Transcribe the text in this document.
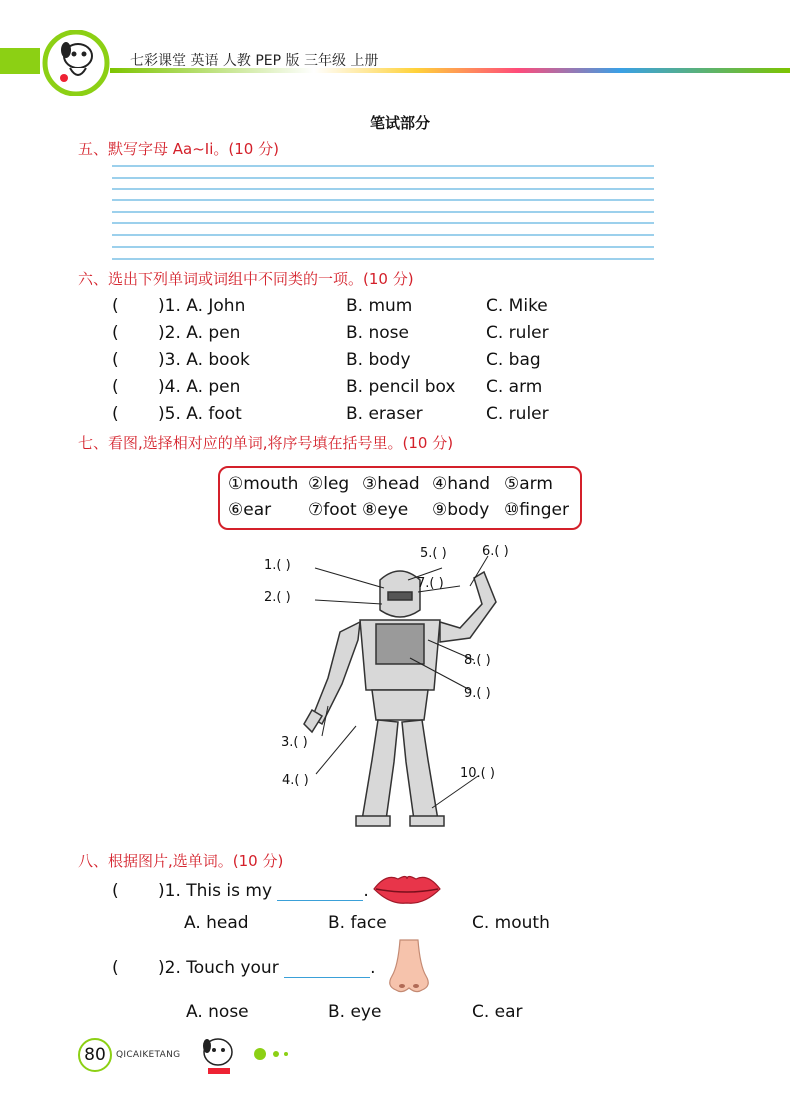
七彩课堂 英语 人教 PEP 版 三年级 上册
笔试部分
五、默写字母 Aa~Ii。(10 分)
六、选出下列单词或词组中不同类的一项。(10 分)
( )1. A. John	B. mum	C. Mike
( )2. A. pen	B. nose	C. ruler
( )3. A. book	B. body	C. bag
( )4. A. pen	B. pencil box C. arm
( )5. A. foot	B. eraser	C. ruler
七、看图,选择相对应的单词,将序号填在括号里。(10 分)
①mouth ②leg ③head ④hand ⑤arm
⑥ear ⑦foot ⑧eye ⑨body ⑩finger
1.( )
2.( )
3.( )
4.( )
5.( )	6.( )
7.( )
8.( )
9.( )
10.( )
八、根据图片,选单词。(10 分)
( )1. This is my	.
A. head	B. face	C. mouth
( )2. Touch your	.
A. nose	B. eye	C. ear
80	QICAIKETANG
